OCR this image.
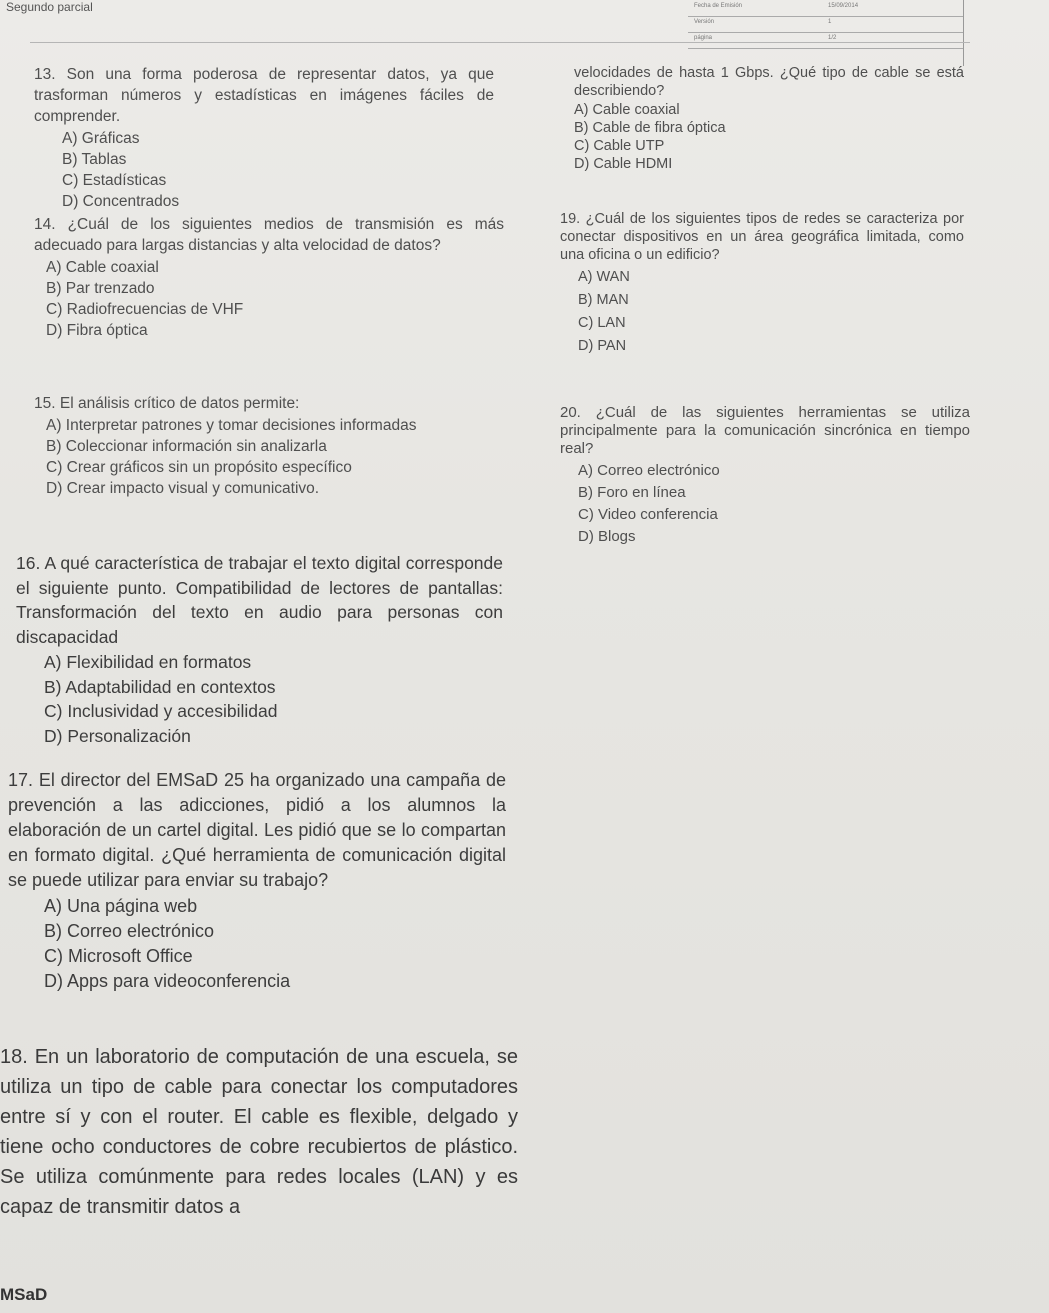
Segundo parcial	Fecha de Emisión	15/09/2014
Versión	1
página	1/2

13. Son una forma poderosa de representar datos, ya que trasforman números y estadísticas en imágenes fáciles de comprender.

A) Gráficas
B) Tablas
C) Estadísticas
D) Concentrados

14. ¿Cuál de los siguientes medios de transmisión es más adecuado para largas distancias y alta velocidad de datos?

A) Cable coaxial
B) Par trenzado
C) Radiofrecuencias de VHF
D) Fibra óptica

15. El análisis crítico de datos permite:

A) Interpretar patrones y tomar decisiones informadas
B) Coleccionar información sin analizarla
C) Crear gráficos sin un propósito específico
D) Crear impacto visual y comunicativo.

16. A qué característica de trabajar el texto digital corresponde el siguiente punto. Compatibilidad de lectores de pantallas: Transformación del texto en audio para personas con discapacidad

A) Flexibilidad en formatos
B) Adaptabilidad en contextos
C) Inclusividad y accesibilidad
D) Personalización

17. El director del EMSaD 25 ha organizado una campaña de prevención a las adicciones, pidió a los alumnos la elaboración de un cartel digital. Les pidió que se lo compartan en formato digital. ¿Qué herramienta de comunicación digital se puede utilizar para enviar su trabajo?

A) Una página web
B) Correo electrónico
C) Microsoft Office
D) Apps para videoconferencia

18. En un laboratorio de computación de una escuela, se utiliza un tipo de cable para conectar los computadores entre sí y con el router. El cable es flexible, delgado y tiene ocho conductores de cobre recubiertos de plástico. Se utiliza comúnmente para redes locales (LAN) y es capaz de transmitir datos a

velocidades de hasta 1 Gbps. ¿Qué tipo de cable se está describiendo?

A) Cable coaxial
B) Cable de fibra óptica
C) Cable UTP
D) Cable HDMI

19. ¿Cuál de los siguientes tipos de redes se caracteriza por conectar dispositivos en un área geográfica limitada, como una oficina o un edificio?

A) WAN
B) MAN
C) LAN
D) PAN

20. ¿Cuál de las siguientes herramientas se utiliza principalmente para la comunicación sincrónica en tiempo real?

A) Correo electrónico
B) Foro en línea
C) Video conferencia
D) Blogs
MSaD
